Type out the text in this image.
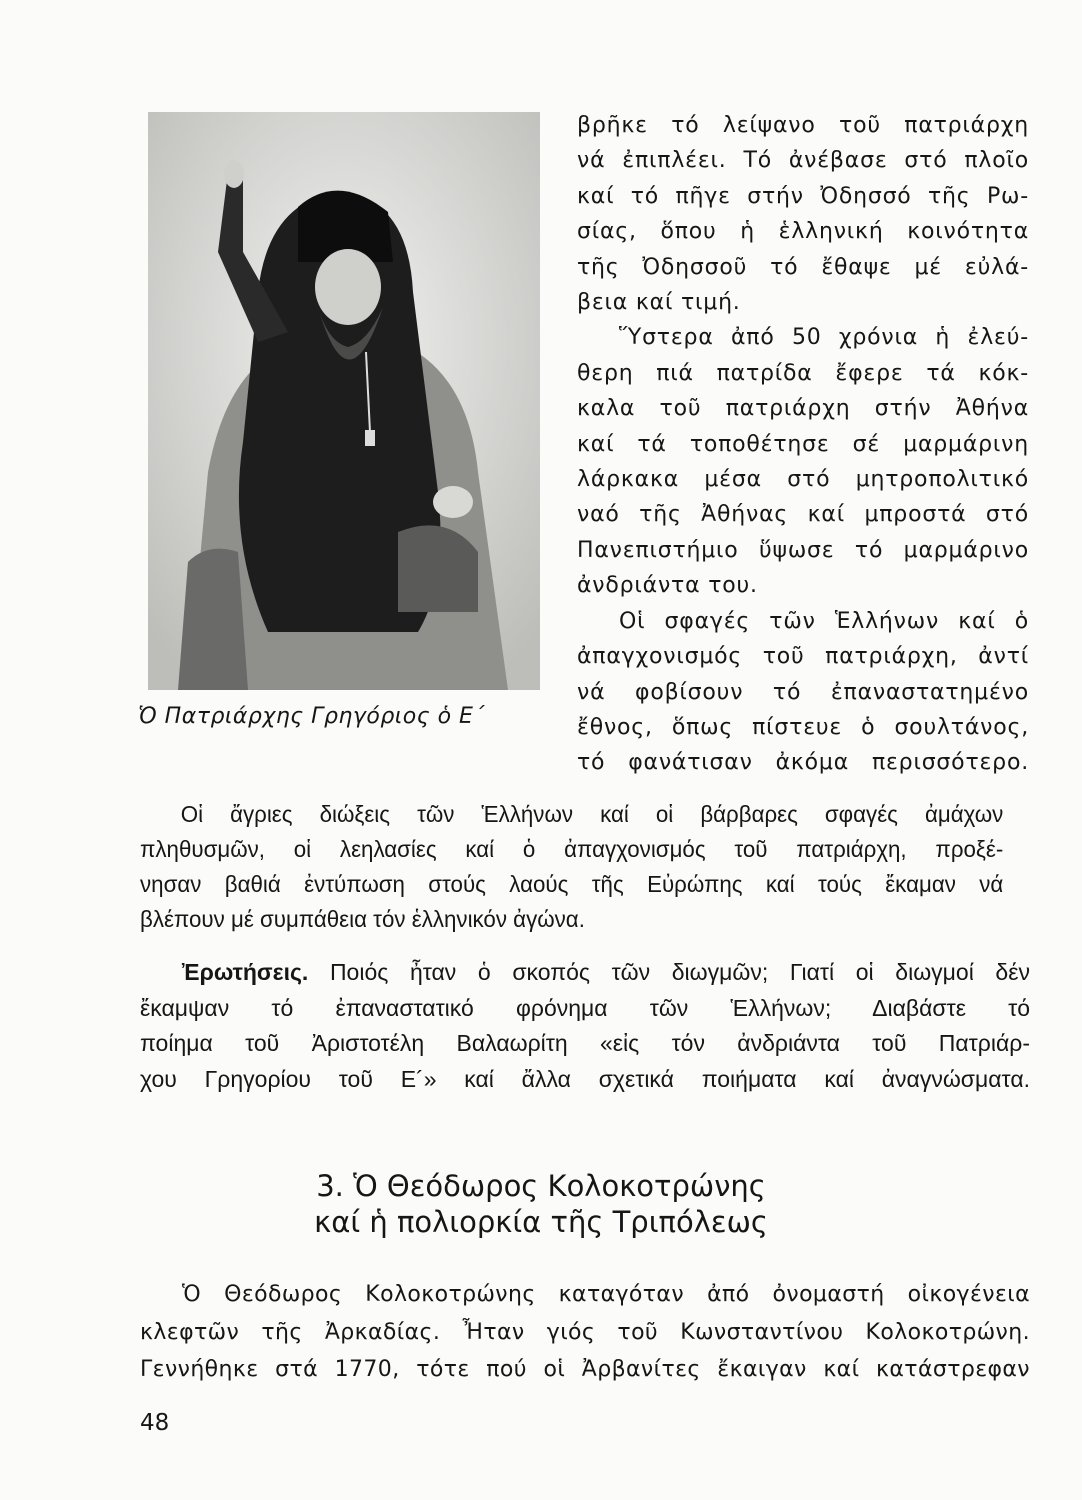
Ὁ Πατριάρχης Γρηγόριος ὁ Ε´
βρῆκε τό λείψανο τοῦ πατριάρχη
νά ἐπιπλέει. Τό ἀνέβασε στό πλοῖο
καί τό πῆγε στήν Ὀδησσό τῆς Ρω-
σίας, ὅπου ἡ ἑλληνική κοινότητα
τῆς Ὀδησσοῦ τό ἔθαψε μέ εὐλά-
βεια καί τιμή.
Ὕστερα ἀπό 50 χρόνια ἡ ἐλεύ-
θερη πιά πατρίδα ἔφερε τά κόκ-
καλα τοῦ πατριάρχη στήν Ἀθήνα
καί τά τοποθέτησε σέ μαρμάρινη
λάρκακα μέσα στό μητροπολιτικό
ναό τῆς Ἀθήνας καί μπροστά στό
Πανεπιστήμιο ὕψωσε τό μαρμάρινο
ἀνδριάντα του.
Οἱ σφαγές τῶν Ἑλλήνων καί ὁ
ἀπαγχονισμός τοῦ πατριάρχη, ἀντί
νά φοβίσουν τό ἐπαναστατημένο
ἔθνος, ὅπως πίστευε ὁ σουλτάνος,
τό φανάτισαν ἀκόμα περισσότερο.
Οἱ ἄγριες διώξεις τῶν Ἑλλήνων καί οἱ βάρβαρες σφαγές ἀμάχων
πληθυσμῶν, οἱ λεηλασίες καί ὁ ἀπαγχονισμός τοῦ πατριάρχη, προξέ-
νησαν βαθιά ἐντύπωση στούς λαούς τῆς Εὐρώπης καί τούς ἔκαμαν νά
βλέπουν μέ συμπάθεια τόν ἑλληνικόν ἀγώνα.
Ἐρωτήσεις. Ποιός ἦταν ὁ σκοπός τῶν διωγμῶν; Γιατί οἱ διωγμοί δέν
ἔκαμψαν τό ἐπαναστατικό φρόνημα τῶν Ἑλλήνων; Διαβάστε τό
ποίημα τοῦ Ἀριστοτέλη Βαλαωρίτη «εἰς τόν ἀνδριάντα τοῦ Πατριάρ-
χου Γρηγορίου τοῦ Ε´» καί ἄλλα σχετικά ποιήματα καί ἀναγνώσματα.
3. Ὁ Θεόδωρος Κολοκοτρώνης
καί ἡ πολιορκία τῆς Τριπόλεως
Ὁ Θεόδωρος Κολοκοτρώνης καταγόταν ἀπό ὀνομαστή οἰκογένεια
κλεφτῶν τῆς Ἀρκαδίας. Ἦταν γιός τοῦ Κωνσταντίνου Κολοκοτρώνη.
Γεννήθηκε στά 1770, τότε πού οἱ Ἀρβανίτες ἔκαιγαν καί κατάστρεφαν
48
